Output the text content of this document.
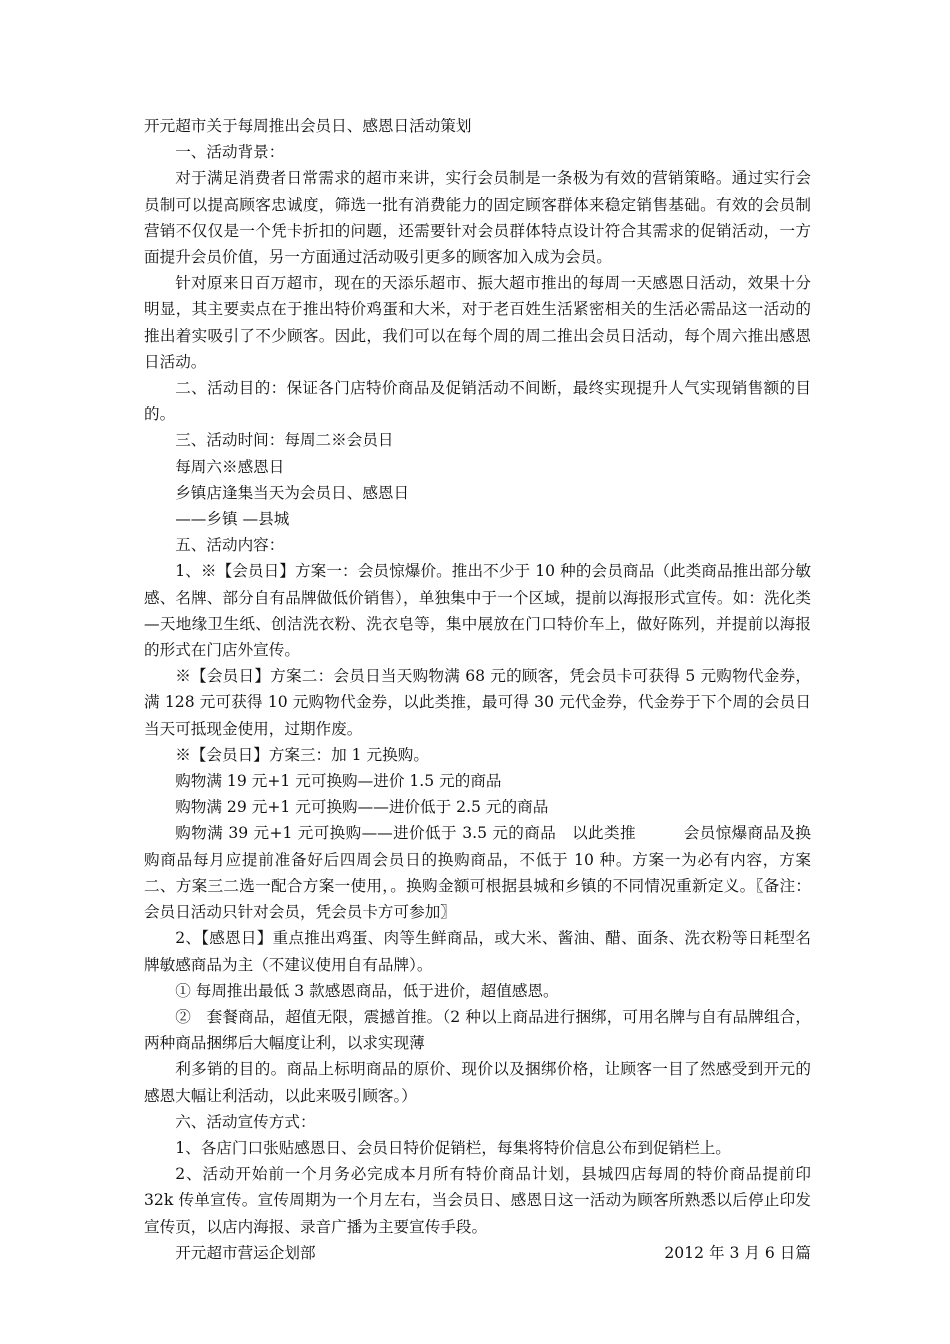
开元超市关于每周推出会员日、感恩日活动策划

一、活动背景：

对于满足消费者日常需求的超市来讲，实行会员制是一条极为有效的营销策略。通过实行会员制可以提高顾客忠诚度，筛选一批有消费能力的固定顾客群体来稳定销售基础。有效的会员制营销不仅仅是一个凭卡折扣的问题，还需要针对会员群体特点设计符合其需求的促销活动，一方面提升会员价值，另一方面通过活动吸引更多的顾客加入成为会员。

针对原来日百万超市，现在的天添乐超市、振大超市推出的每周一天感恩日活动，效果十分明显，其主要卖点在于推出特价鸡蛋和大米，对于老百姓生活紧密相关的生活必需品这一活动的推出着实吸引了不少顾客。因此，我们可以在每个周的周二推出会员日活动，每个周六推出感恩日活动。

二、活动目的：保证各门店特价商品及促销活动不间断，最终实现提升人气实现销售额的目的。

三、活动时间：每周二※会员日

每周六※感恩日

乡镇店逢集当天为会员日、感恩日

——乡镇 —县城

五、活动内容：

1、※【会员日】方案一：会员惊爆价。推出不少于 10 种的会员商品（此类商品推出部分敏感、名牌、部分自有品牌做低价销售），单独集中于一个区域，提前以海报形式宣传。如：洗化类—天地缘卫生纸、创洁洗衣粉、洗衣皂等，集中展放在门口特价车上，做好陈列，并提前以海报的形式在门店外宣传。

※【会员日】方案二：会员日当天购物满 68 元的顾客，凭会员卡可获得 5 元购物代金券，满 128 元可获得 10 元购物代金券，以此类推，最可得 30 元代金券，代金券于下个周的会员日当天可抵现金使用，过期作废。

※【会员日】方案三：加 1 元换购。

购物满 19 元+1 元可换购—进价 1.5 元的商品

购物满 29 元+1 元可换购——进价低于 2.5 元的商品

购物满 39 元+1 元可换购——进价低于 3.5 元的商品　以此类推　　　会员惊爆商品及换购商品每月应提前准备好后四周会员日的换购商品，不低于 10 种。方案一为必有内容，方案二、方案三二选一配合方案一使用，。换购金额可根据县城和乡镇的不同情况重新定义。〖备注：会员日活动只针对会员，凭会员卡方可参加〗

2、【感恩日】重点推出鸡蛋、肉等生鲜商品，或大米、酱油、醋、面条、洗衣粉等日耗型名牌敏感商品为主（不建议使用自有品牌）。

① 每周推出最低 3 款感恩商品，低于进价，超值感恩。

②　套餐商品，超值无限，震撼首推。（2 种以上商品进行捆绑，可用名牌与自有品牌组合，两种商品捆绑后大幅度让利，以求实现薄

利多销的目的。商品上标明商品的原价、现价以及捆绑价格，让顾客一目了然感受到开元的感恩大幅让利活动，以此来吸引顾客。）

六、活动宣传方式：

1、各店门口张贴感恩日、会员日特价促销栏，每集将特价信息公布到促销栏上。

2、活动开始前一个月务必完成本月所有特价商品计划，县城四店每周的特价商品提前印 32k 传单宣传。宣传周期为一个月左右，当会员日、感恩日这一活动为顾客所熟悉以后停止印发宣传页，以店内海报、录音广播为主要宣传手段。

开元超市营运企划部	2012 年 3 月 6 日篇
